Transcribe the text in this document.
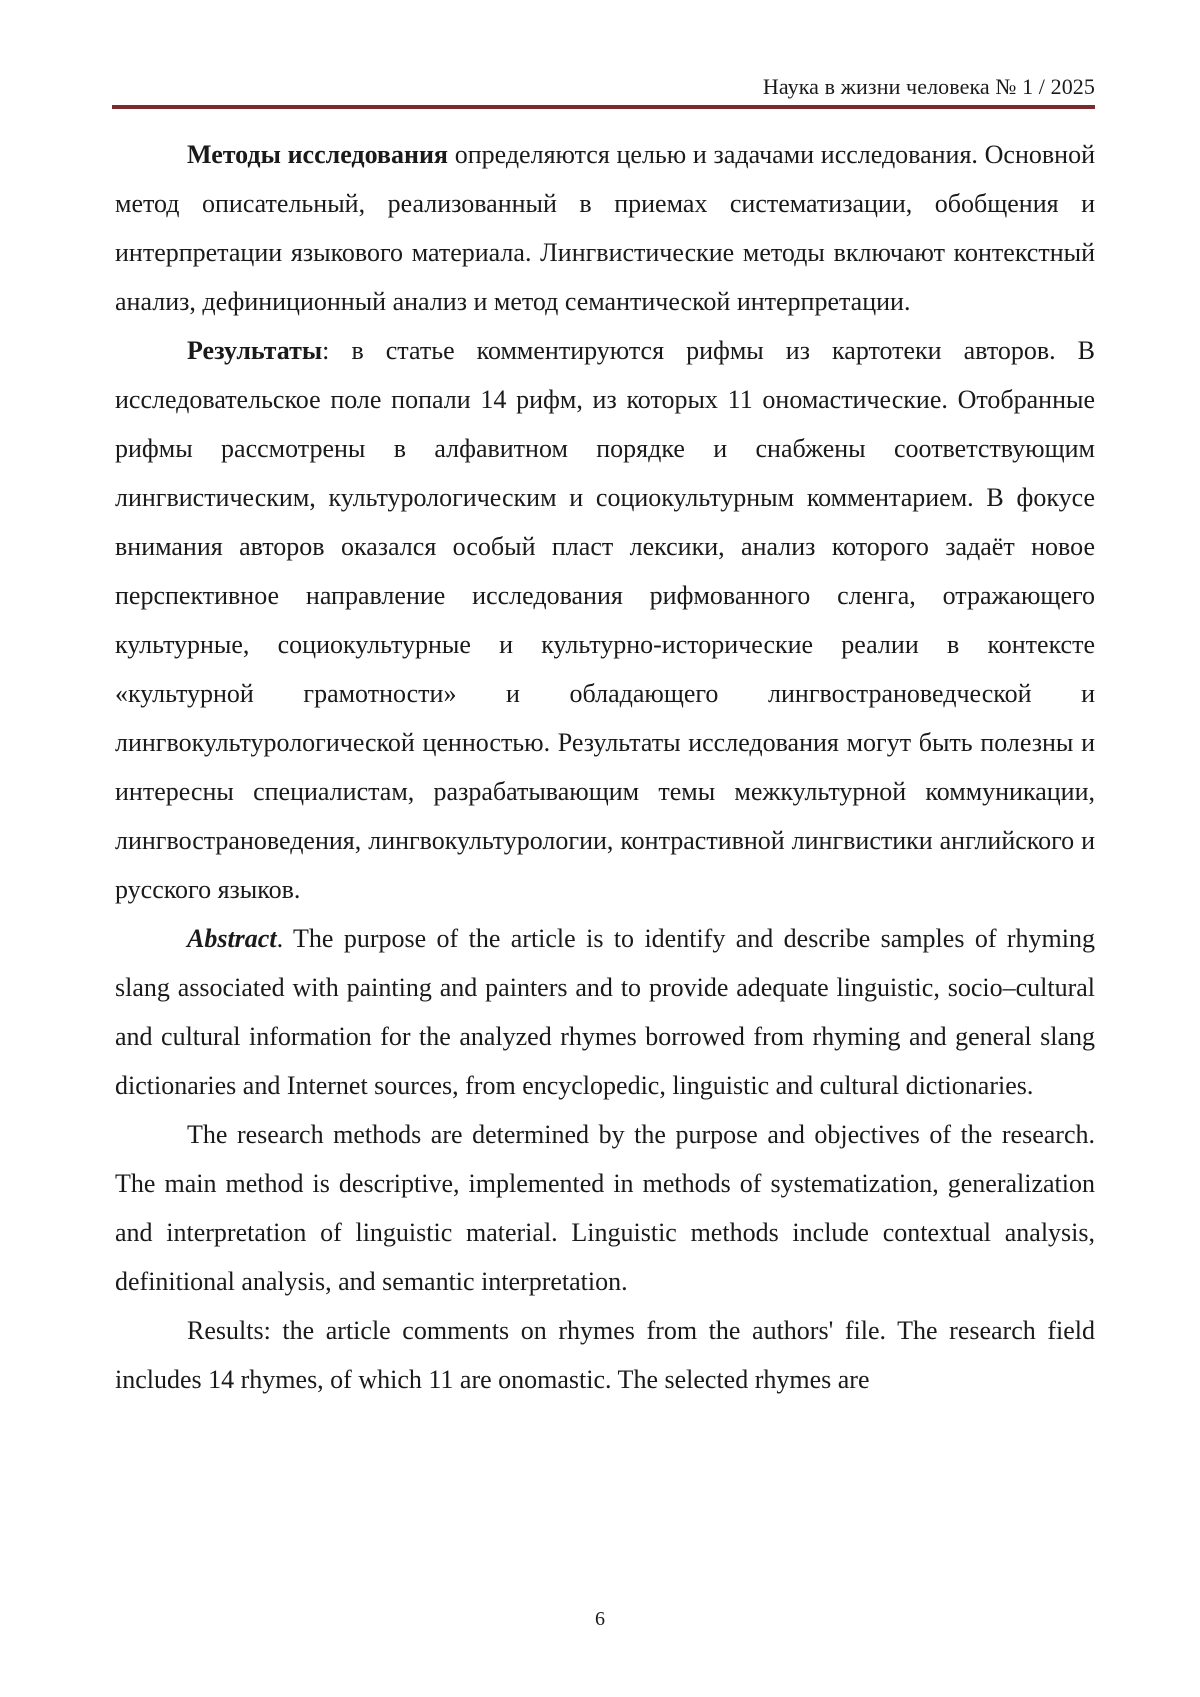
Наука в жизни человека № 1 / 2025

Методы исследования определяются целью и задачами исследования. Основной метод описательный, реализованный в приемах систематизации, обобщения и интерпретации языкового материала. Лингвистические методы включают контекстный анализ, дефиниционный анализ и метод семантической интерпретации.

Результаты: в статье комментируются рифмы из картотеки авторов. В исследовательское поле попали 14 рифм, из которых 11 ономастические. Отобранные рифмы рассмотрены в алфавитном порядке и снабжены соответствующим лингвистическим, культурологическим и социокультурным комментарием. В фокусе внимания авторов оказался особый пласт лексики, анализ которого задаёт новое перспективное направление исследования рифмованного сленга, отражающего культурные, социокультурные и культурно-исторические реалии в контексте «культурной грамотности» и обладающего лингвострановедческой и лингвокультурологической ценностью. Результаты исследования могут быть полезны и интересны специалистам, разрабатывающим темы межкультурной коммуникации, лингвострановедения, лингвокультурологии, контрастивной лингвистики английского и русского языков.

Abstract. The purpose of the article is to identify and describe samples of rhyming slang associated with painting and painters and to provide adequate linguistic, socio–cultural and cultural information for the analyzed rhymes borrowed from rhyming and general slang dictionaries and Internet sources, from encyclopedic, linguistic and cultural dictionaries.

The research methods are determined by the purpose and objectives of the research. The main method is descriptive, implemented in methods of systematization, generalization and interpretation of linguistic material. Linguistic methods include contextual analysis, definitional analysis, and semantic interpretation.

Results: the article comments on rhymes from the authors' file. The research field includes 14 rhymes, of which 11 are onomastic. The selected rhymes are

6
